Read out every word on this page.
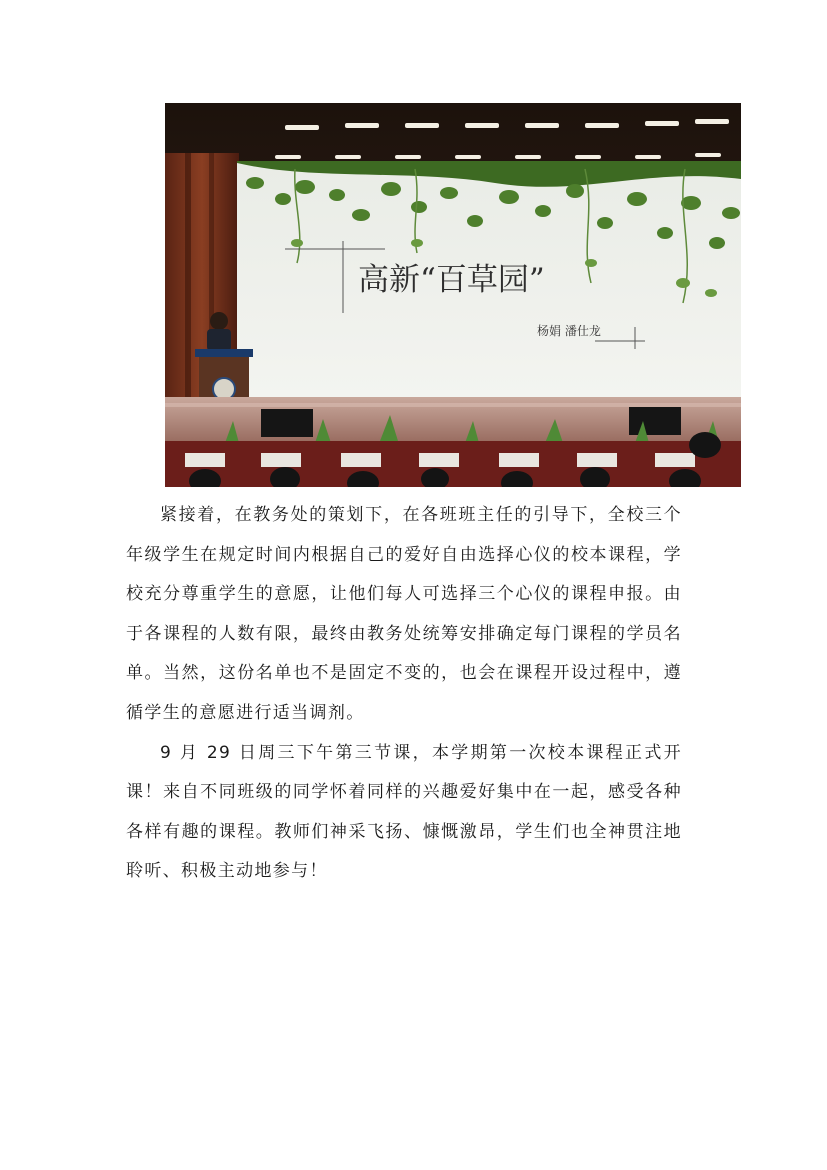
高新“百草园”
杨娟 潘仕龙

紧接着，在教务处的策划下，在各班班主任的引导下，全校三个年级学生在规定时间内根据自己的爱好自由选择心仪的校本课程，学校充分尊重学生的意愿，让他们每人可选择三个心仪的课程申报。由于各课程的人数有限，最终由教务处统筹安排确定每门课程的学员名单。当然，这份名单也不是固定不变的，也会在课程开设过程中，遵循学生的意愿进行适当调剂。

9 月 29 日周三下午第三节课，本学期第一次校本课程正式开课！来自不同班级的同学怀着同样的兴趣爱好集中在一起，感受各种各样有趣的课程。教师们神采飞扬、慷慨激昂，学生们也全神贯注地聆听、积极主动地参与！
